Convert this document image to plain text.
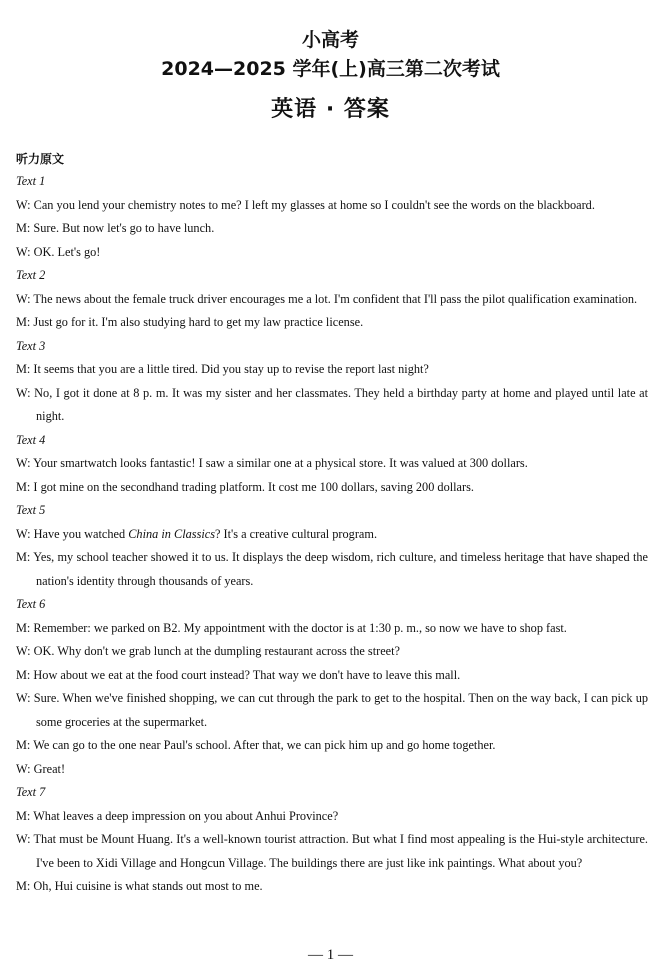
小高考
2024—2025 学年(上)高三第二次考试
英语 · 答案
听力原文
Text 1
W: Can you lend your chemistry notes to me? I left my glasses at home so I couldn't see the words on the blackboard.
M: Sure. But now let's go to have lunch.
W: OK. Let's go!
Text 2
W: The news about the female truck driver encourages me a lot. I'm confident that I'll pass the pilot qualification examination.
M: Just go for it. I'm also studying hard to get my law practice license.
Text 3
M: It seems that you are a little tired. Did you stay up to revise the report last night?
W: No, I got it done at 8 p. m. It was my sister and her classmates. They held a birthday party at home and played until late at night.
Text 4
W: Your smartwatch looks fantastic! I saw a similar one at a physical store. It was valued at 300 dollars.
M: I got mine on the secondhand trading platform. It cost me 100 dollars, saving 200 dollars.
Text 5
W: Have you watched China in Classics? It's a creative cultural program.
M: Yes, my school teacher showed it to us. It displays the deep wisdom, rich culture, and timeless heritage that have shaped the nation's identity through thousands of years.
Text 6
M: Remember: we parked on B2. My appointment with the doctor is at 1:30 p. m., so now we have to shop fast.
W: OK. Why don't we grab lunch at the dumpling restaurant across the street?
M: How about we eat at the food court instead? That way we don't have to leave this mall.
W: Sure. When we've finished shopping, we can cut through the park to get to the hospital. Then on the way back, I can pick up some groceries at the supermarket.
M: We can go to the one near Paul's school. After that, we can pick him up and go home together.
W: Great!
Text 7
M: What leaves a deep impression on you about Anhui Province?
W: That must be Mount Huang. It's a well-known tourist attraction. But what I find most appealing is the Hui-style architecture. I've been to Xidi Village and Hongcun Village. The buildings there are just like ink paintings. What about you?
M: Oh, Hui cuisine is what stands out most to me.
— 1 —
